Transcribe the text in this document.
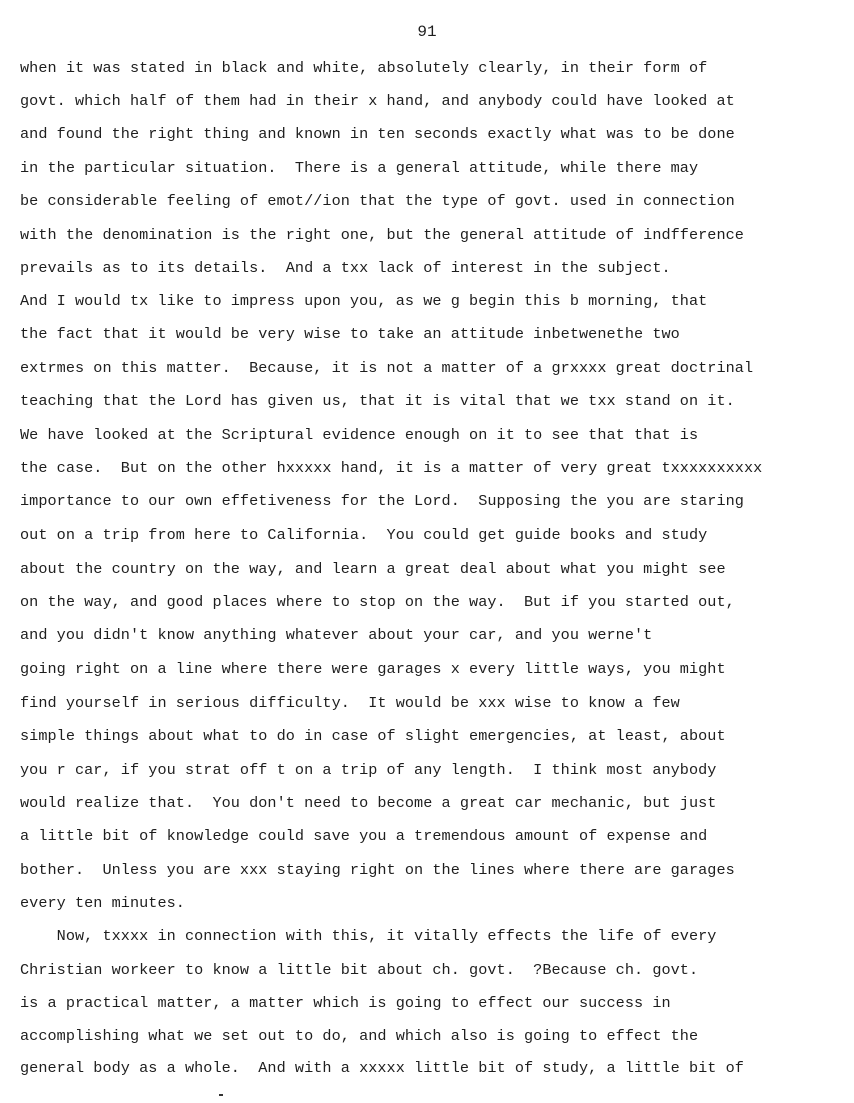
91
when it was stated in black and white, absolutely clearly, in their form of
govt. which half of them had in their x hand, and anybody could have looked at
and found the right thing and known in ten seconds exactly what was to be done
in the particular situation.  There is a general attitude, while there may
be considerable feeling of emot//ion that the type of govt. used in connection
with the denomination is the right one, but the general attitude of indfference
prevails as to its details.  And a txx lack of interest in the subject.
And I would tx like to impress upon you, as we g begin this b morning, that
the fact that it would be very wise to take an attitude inbetwenethe two
extrmes on this matter.  Because, it is not a matter of a grxxxx great doctrinal
teaching that the Lord has given us, that it is vital that we txx stand on it.
We have looked at the Scriptural evidence enough on it to see that that is
the case.  But on the other hxxxxx hand, it is a matter of very great txxxxxxxxxx
importance to our own effetiveness for the Lord.  Supposing the you are staring
out on a trip from here to California.  You could get guide books and study
about the country on the way, and learn a great deal about what you might see
on the way, and good places where to stop on the way.  But if you started out,
and you didn't know anything whatever about your car, and you werne't
going right on a line where there were garages x every little ways, you might
find yourself in serious difficulty.  It would be xxx wise to know a few
simple things about what to do in case of slight emergencies, at least, about
you r car, if you strat off t on a trip of any length.  I think most anybody
would realize that.  You don't need to become a great car mechanic, but just
a little bit of knowledge could save you a tremendous amount of expense and
bother.  Unless you are xxx staying right on the lines where there are garages
every ten minutes.
Now, txxxx in connection with this, it vitally effects the life of every
Christian workeer to know a little bit about ch. govt.  ?Because ch. govt.
is a practical matter, a matter which is going to effect our success in
accomplishing what we set out to do, and which also is going to effect the
general body as a whole.  And with a xxxxx little bit of study, a little bit of
